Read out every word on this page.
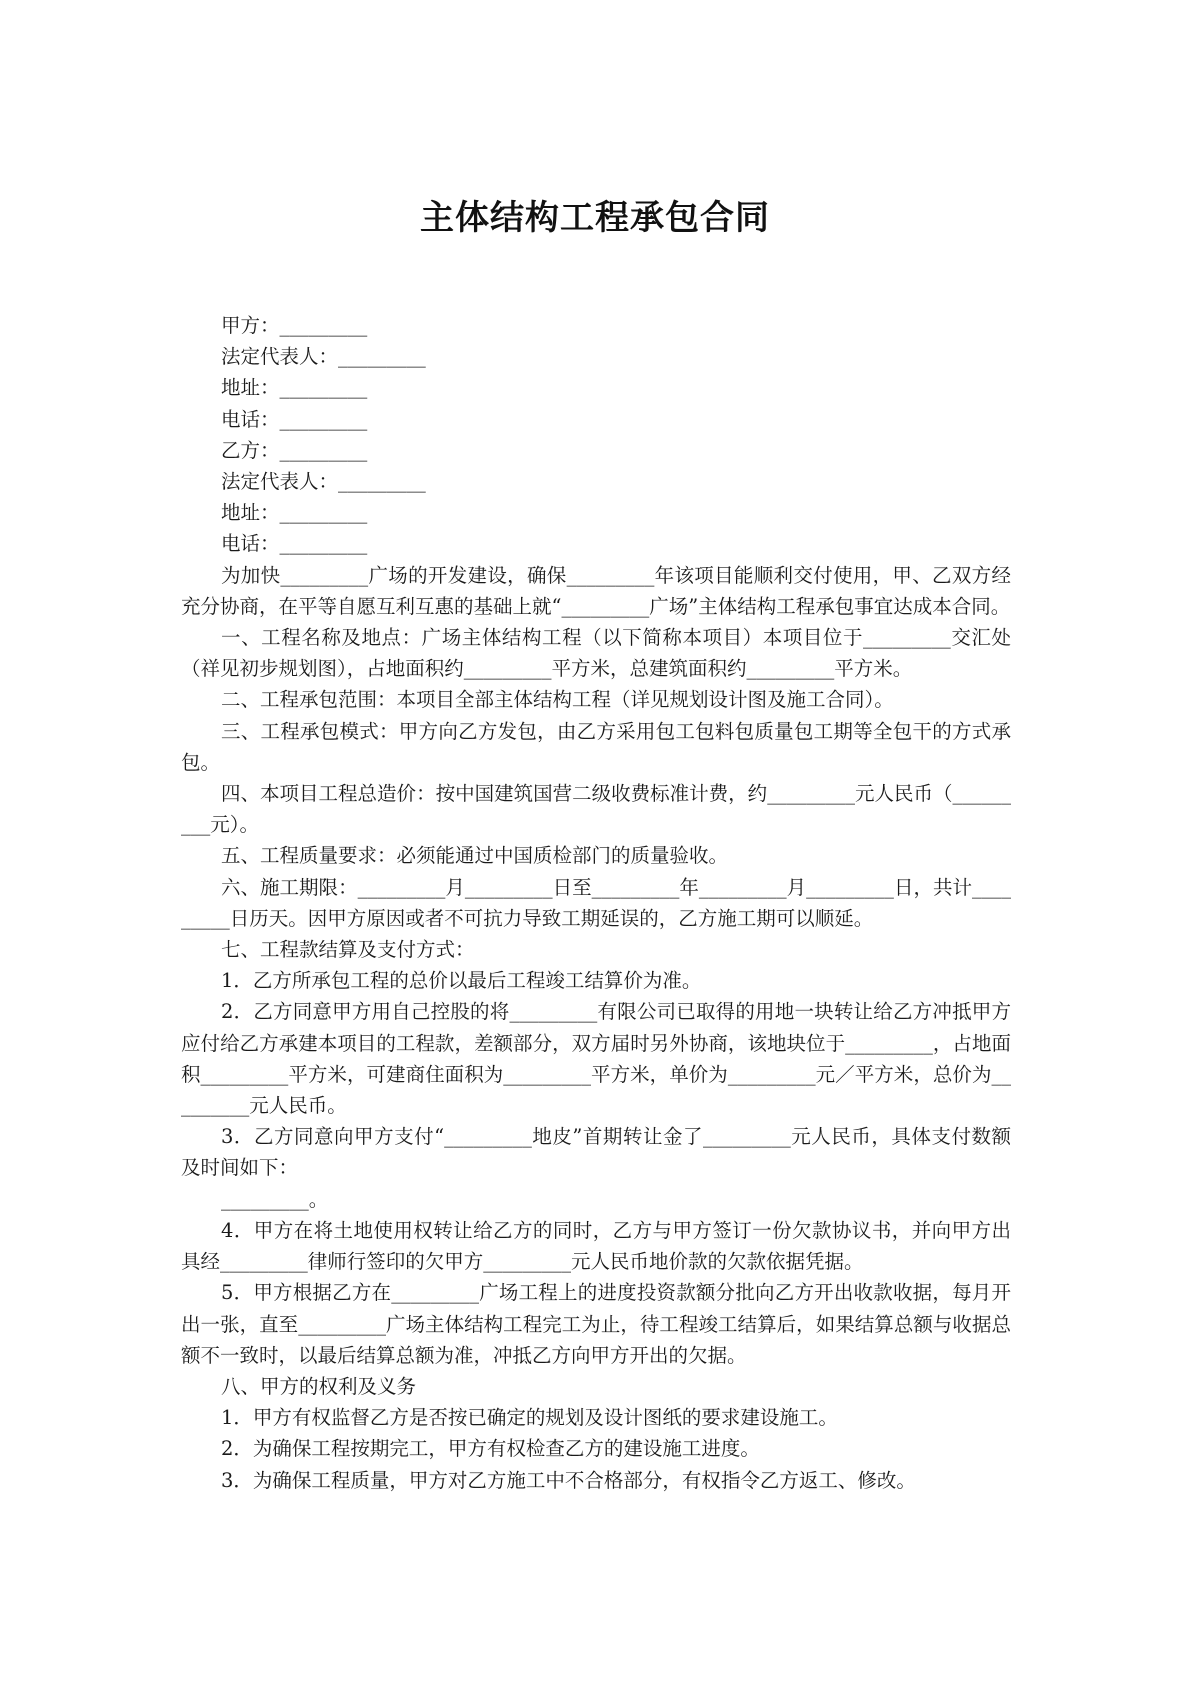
主体结构工程承包合同
甲方：_________
法定代表人：_________
地址：_________
电话：_________
乙方：_________
法定代表人：_________
地址：_________
电话：_________
为加快_________广场的开发建设，确保_________年该项目能顺利交付使用，甲、乙双方经充分协商，在平等自愿互利互惠的基础上就“_________广场”主体结构工程承包事宜达成本合同。
一、工程名称及地点：广场主体结构工程（以下简称本项目）本项目位于_________交汇处（祥见初步规划图），占地面积约_________平方米，总建筑面积约_________平方米。
二、工程承包范围：本项目全部主体结构工程（详见规划设计图及施工合同）。
三、工程承包模式：甲方向乙方发包，由乙方采用包工包料包质量包工期等全包干的方式承包。
四、本项目工程总造价：按中国建筑国营二级收费标准计费，约_________元人民币（_________元）。
五、工程质量要求：必须能通过中国质检部门的质量验收。
六、施工期限：_________月_________日至_________年_________月_________日，共计_________日历天。因甲方原因或者不可抗力导致工期延误的，乙方施工期可以顺延。
七、工程款结算及支付方式：
1．乙方所承包工程的总价以最后工程竣工结算价为准。
2．乙方同意甲方用自己控股的将_________有限公司已取得的用地一块转让给乙方冲抵甲方应付给乙方承建本项目的工程款，差额部分，双方届时另外协商，该地块位于_________，占地面积_________平方米，可建商住面积为_________平方米，单价为_________元／平方米，总价为_________元人民币。
3．乙方同意向甲方支付“_________地皮”首期转让金了_________元人民币，具体支付数额及时间如下：
_________。
4．甲方在将土地使用权转让给乙方的同时，乙方与甲方签订一份欠款协议书，并向甲方出具经_________律师行签印的欠甲方_________元人民币地价款的欠款依据凭据。
5．甲方根据乙方在_________广场工程上的进度投资款额分批向乙方开出收款收据，每月开出一张，直至_________广场主体结构工程完工为止，待工程竣工结算后，如果结算总额与收据总额不一致时，以最后结算总额为准，冲抵乙方向甲方开出的欠据。
八、甲方的权利及义务
1．甲方有权监督乙方是否按已确定的规划及设计图纸的要求建设施工。
2．为确保工程按期完工，甲方有权检查乙方的建设施工进度。
3．为确保工程质量，甲方对乙方施工中不合格部分，有权指令乙方返工、修改。
